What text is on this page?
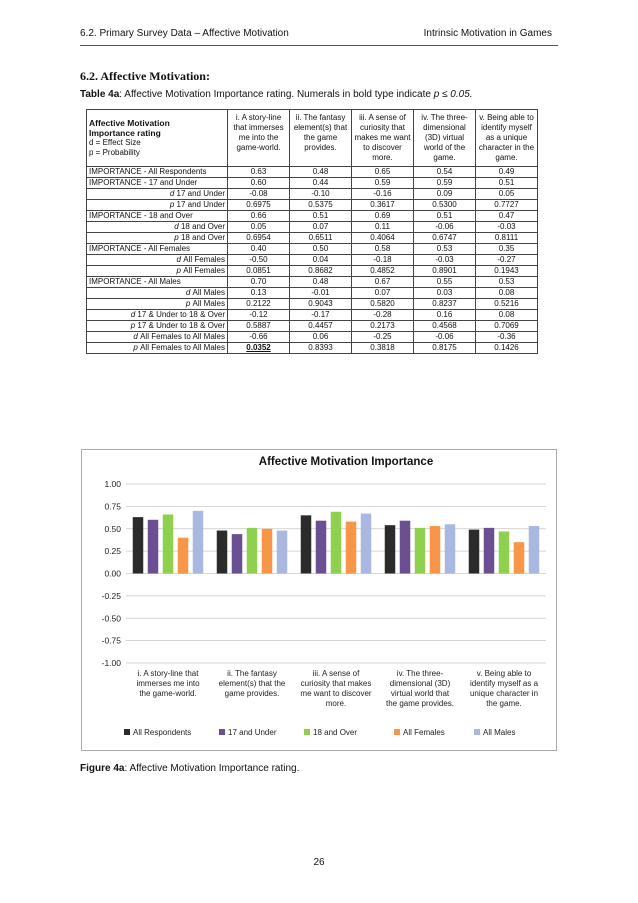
6.2. Primary Survey Data – Affective Motivation	Intrinsic Motivation in Games
6.2. Affective Motivation:
Table 4a: Affective Motivation Importance rating. Numerals in bold type indicate p ≤ 0.05.
Affective Motivation
Importance rating
d = Effect Size
p = Probability	i. A story-line that immerses me into the game-world.	ii. The fantasy element(s) that the game provides.	iii. A sense of curiosity that makes me want to discover more.	iv. The three-dimensional (3D) virtual world of the game.	v. Being able to identify myself as a unique character in the game.
IMPORTANCE - All Respondents	0.63	0.48	0.65	0.54	0.49
IMPORTANCE - 17 and Under	0.60	0.44	0.59	0.59	0.51
d 17 and Under	-0.08	-0.10	-0.16	0.09	0.05
p 17 and Under	0.6975	0.5375	0.3617	0.5300	0.7727
IMPORTANCE - 18 and Over	0.66	0.51	0.69	0.51	0.47
d 18 and Over	0.05	0.07	0.11	-0.06	-0.03
p 18 and Over	0.6954	0.6511	0.4064	0.6747	0.8111
IMPORTANCE - All Females	0.40	0.50	0.58	0.53	0.35
d All Females	-0.50	0.04	-0.18	-0.03	-0.27
p All Females	0.0851	0.8682	0.4852	0.8901	0.1943
IMPORTANCE - All Males	0.70	0.48	0.67	0.55	0.53
d All Males	0.13	-0.01	0.07	0.03	0.08
p All Males	0.2122	0.9043	0.5820	0.8237	0.5216
d 17 & Under to 18 & Over	-0.12	-0.17	-0.28	0.16	0.08
p 17 & Under to 18 & Over	0.5887	0.4457	0.2173	0.4568	0.7069
d All Females to All Males	-0.66	0.06	-0.25	-0.06	-0.36
p All Females to All Males	0.0352	0.8393	0.3818	0.8175	0.1426
Affective Motivation Importance
1.00
0.75
0.50
0.25
0.00
-0.25
-0.50
-0.75
-1.00
i. A story-line that immerses me into the game-world.
ii. The fantasy element(s) that the game provides.
iii. A sense of curiosity that makes me want to discover more.
iv. The three-dimensional (3D) virtual world that the game provides.
v. Being able to identify myself as a unique character in the game.
All Respondents	17 and Under	18 and Over	All Females	All Males
Figure 4a: Affective Motivation Importance rating.
26
